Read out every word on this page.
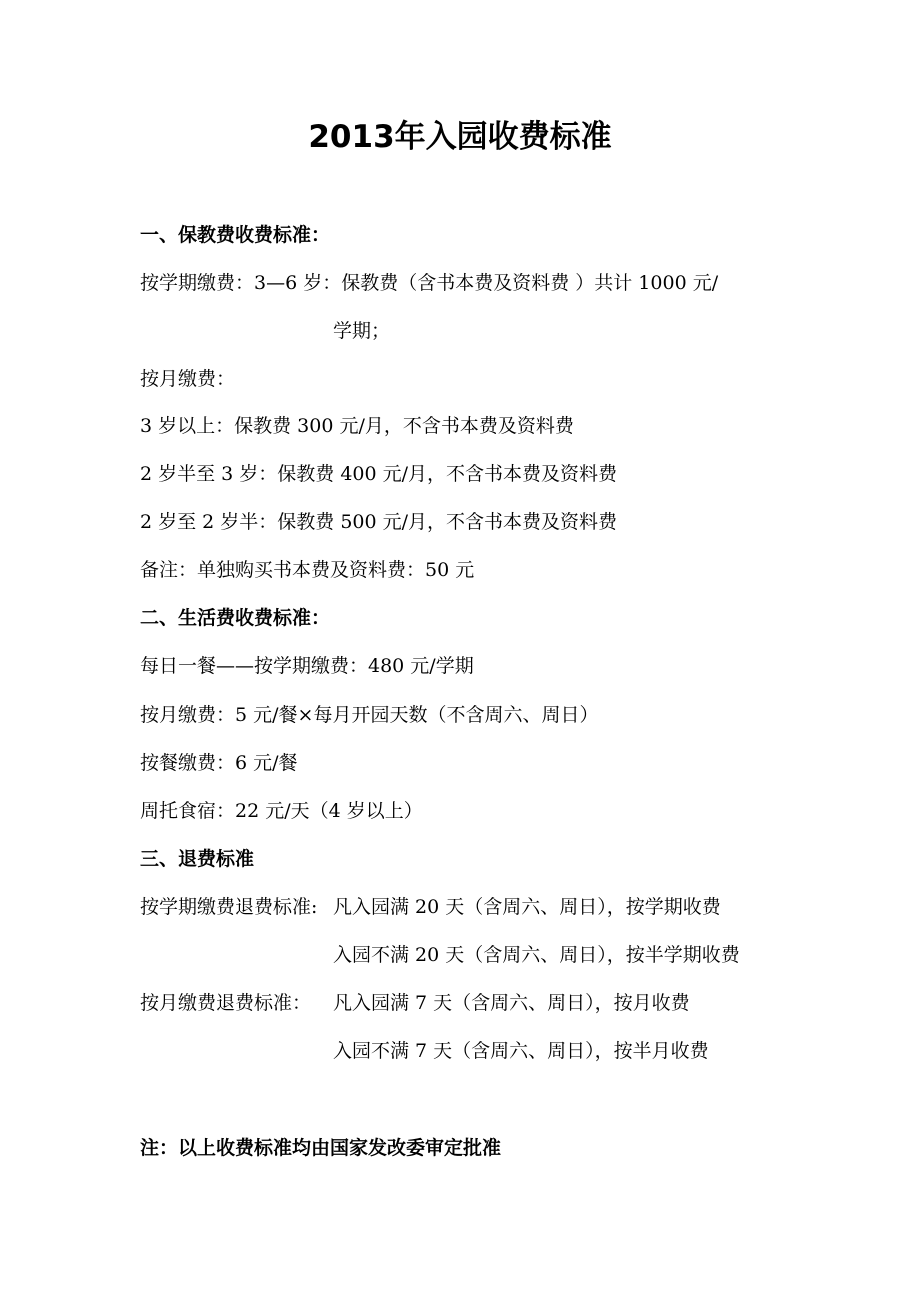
2013年入园收费标准
一、保教费收费标准：
按学期缴费：3—6 岁：保教费（含书本费及资料费 ）共计 1000 元/
学期；
按月缴费：
3 岁以上：保教费 300 元/月，不含书本费及资料费
2 岁半至 3 岁：保教费 400 元/月，不含书本费及资料费
2 岁至 2 岁半：保教费 500 元/月，不含书本费及资料费
备注：单独购买书本费及资料费：50 元
二、生活费收费标准：
每日一餐——按学期缴费：480 元/学期
按月缴费：5 元/餐×每月开园天数（不含周六、周日）
按餐缴费：6 元/餐
周托食宿：22 元/天（4 岁以上）
三、退费标准
按学期缴费退费标准: 凡入园满 20 天（含周六、周日），按学期收费
入园不满 20 天（含周六、周日），按半学期收费
按月缴费退费标准： 凡入园满 7 天（含周六、周日），按月收费
入园不满 7 天（含周六、周日），按半月收费
注：以上收费标准均由国家发改委审定批准
